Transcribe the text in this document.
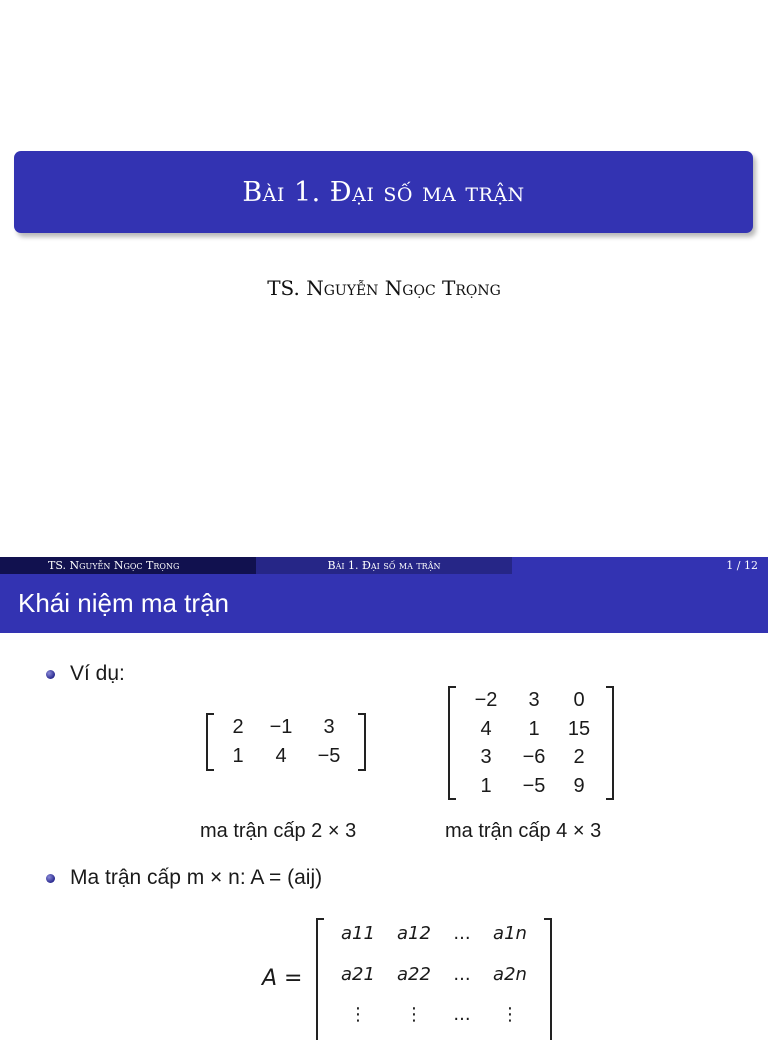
Bài 1. Đại số ma trận
TS. Nguyễn Ngọc Trọng
TS. Nguyễn Ngọc Trọng	Bài 1. Đại số ma trận	1 / 12
Khái niệm ma trận
Ví dụ:
2	−1	3
1	4	−5
−2	3	0
4	1	15
3	−6	2
1	−5	9
ma trận cấp 2 × 3	ma trận cấp 4 × 3
Ma trận cấp m × n: A = (aij)
A =
a11	a12	...	a1n
a21	a22	...	a2n
⋮	⋮	...	⋮
